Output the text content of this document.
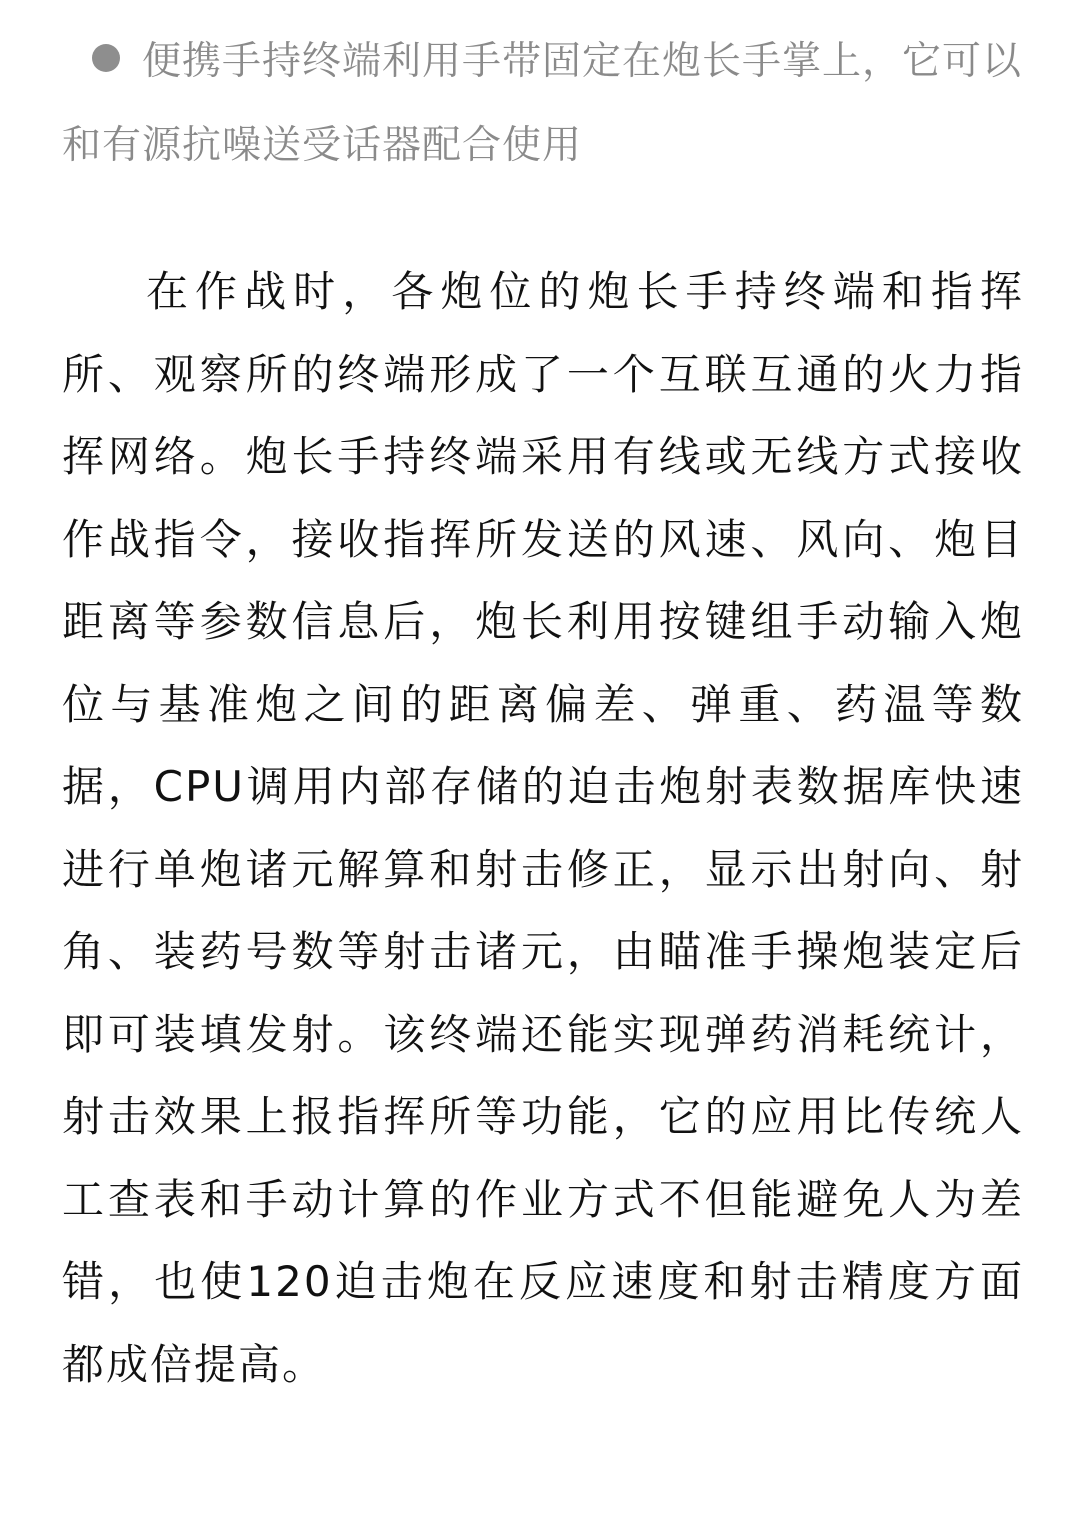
便携手持终端利用手带固定在炮长手掌上，它可以和有源抗噪送受话器配合使用

在作战时，各炮位的炮长手持终端和指挥所、观察所的终端形成了一个互联互通的火力指挥网络。炮长手持终端采用有线或无线方式接收作战指令，接收指挥所发送的风速、风向、炮目距离等参数信息后，炮长利用按键组手动输入炮位与基准炮之间的距离偏差、弹重、药温等数据，CPU调用内部存储的迫击炮射表数据库快速进行单炮诸元解算和射击修正，显示出射向、射角、装药号数等射击诸元，由瞄准手操炮装定后即可装填发射。该终端还能实现弹药消耗统计，射击效果上报指挥所等功能，它的应用比传统人工查表和手动计算的作业方式不但能避免人为差错，也使120迫击炮在反应速度和射击精度方面都成倍提高。
